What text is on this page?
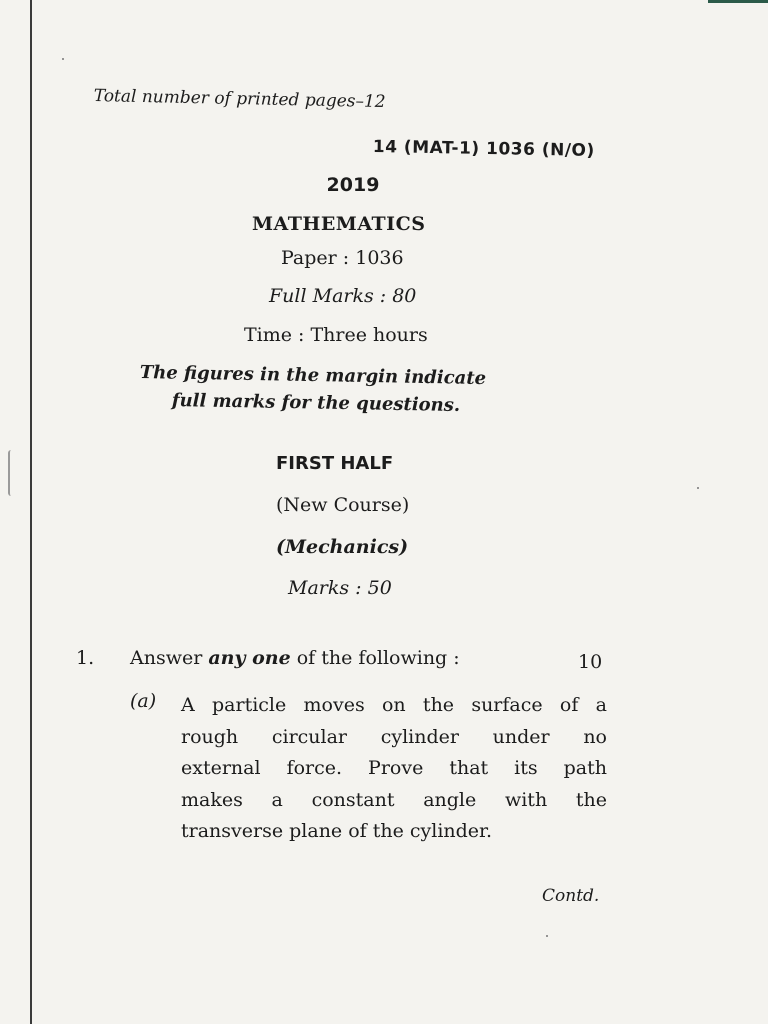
Total number of printed pages–12
14 (MAT-1) 1036 (N/O)
2019
MATHEMATICS
Paper : 1036
Full Marks : 80
Time : Three hours
The figures in the margin indicate
full marks for the questions.
FIRST HALF
(New Course)
(Mechanics)
Marks : 50
1. Answer any one of the following :	10
(a) A particle moves on the surface of a
rough circular cylinder under no
external force. Prove that its path
makes a constant angle with the
transverse plane of the cylinder.
Contd.
